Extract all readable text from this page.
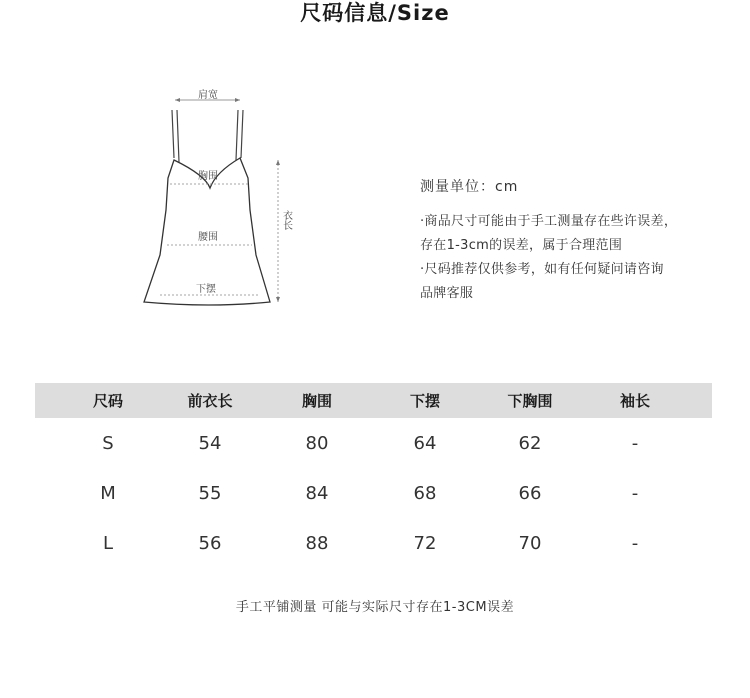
尺码信息/Size
肩宽
胸围
腰围
下摆
衣长
测量单位：cm
·商品尺寸可能由于手工测量存在些许误差，
存在1-3cm的误差，属于合理范围
·尺码推荐仅供参考，如有任何疑问请咨询
品牌客服
尺码	前衣长	胸围	下摆	下胸围	袖长
S	54	80	64	62	-
M	55	84	68	66	-
L	56	88	72	70	-
手工平铺测量 可能与实际尺寸存在1-3CM误差
